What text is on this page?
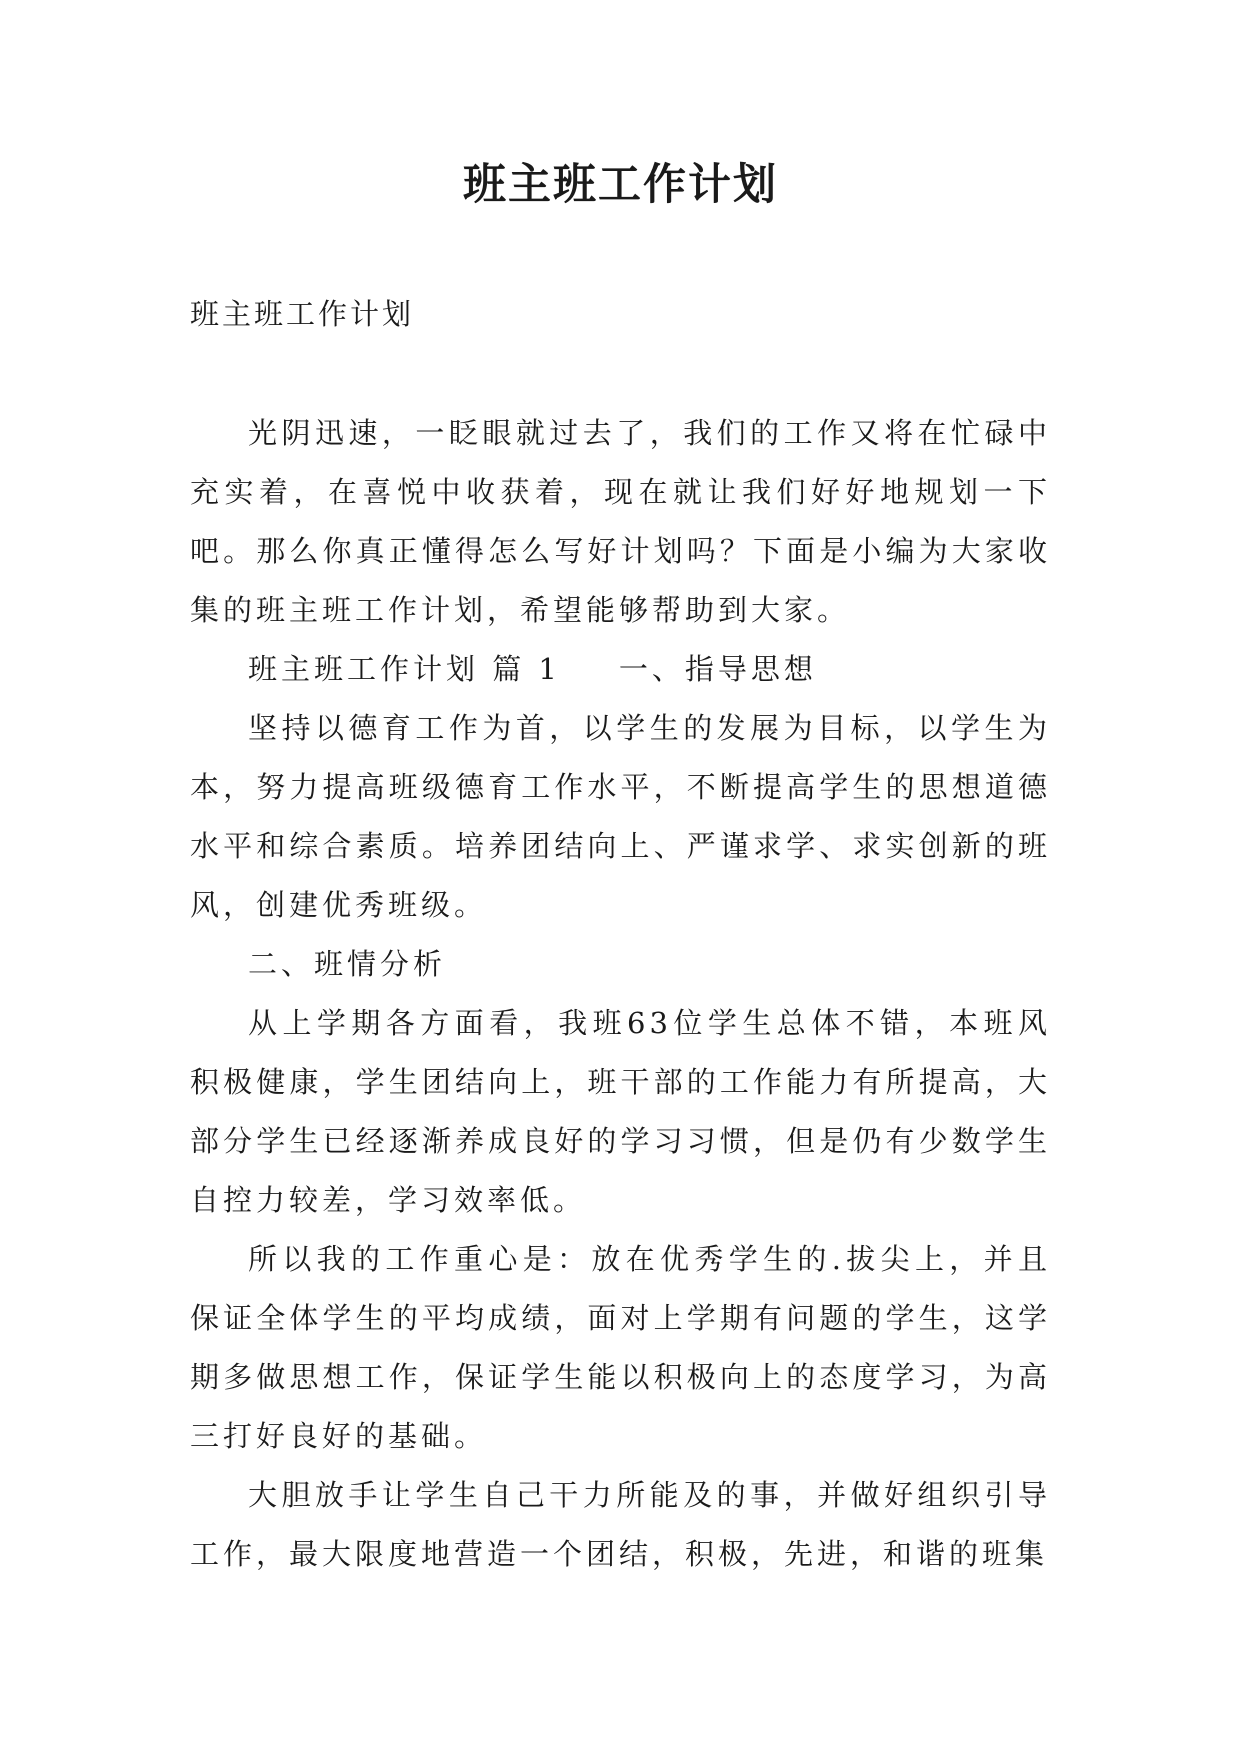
班主班工作计划
班主班工作计划

光阴迅速，一眨眼就过去了，我们的工作又将在忙碌中充实着，在喜悦中收获着，现在就让我们好好地规划一下吧。那么你真正懂得怎么写好计划吗？下面是小编为大家收集的班主班工作计划，希望能够帮助到大家。

班主班工作计划 篇 1 一、指导思想

坚持以德育工作为首，以学生的发展为目标，以学生为本，努力提高班级德育工作水平，不断提高学生的思想道德水平和综合素质。培养团结向上、严谨求学、求实创新的班风，创建优秀班级。

二、班情分析

从上学期各方面看，我班63位学生总体不错，本班风积极健康，学生团结向上，班干部的工作能力有所提高，大部分学生已经逐渐养成良好的学习习惯，但是仍有少数学生自控力较差，学习效率低。

所以我的工作重心是：放在优秀学生的.拔尖上，并且保证全体学生的平均成绩，面对上学期有问题的学生，这学期多做思想工作，保证学生能以积极向上的态度学习，为高三打好良好的基础。

大胆放手让学生自己干力所能及的事，并做好组织引导工作，最大限度地营造一个团结，积极，先进，和谐的班集
